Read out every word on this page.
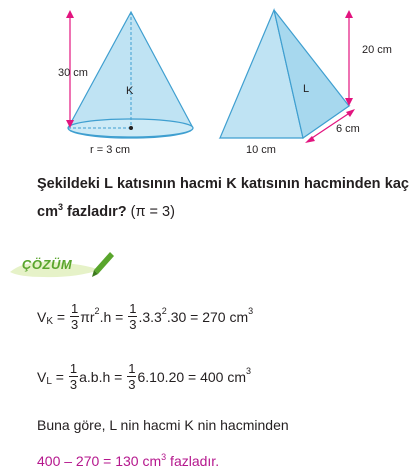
30 cm
K
r = 3 cm
20 cm
L
6 cm
10 cm
Şekildeki L katısının hacmi K katısının hacminden kaç $cm^3$ fazladır? (π = 3)
ÇÖZÜM
V $K = \frac{1}{3}$ πr 2 $.h = \frac{1}{3} .3.3$ 2 .30 = 270 cm 3
V $L = \frac{1}{3} a.b.h = \frac{1}{3} 6.10.20 = 400$ cm 3
Buna göre, L nin hacmi K nin hacminden
400 – 270 = 130 $cm^3$ fazladır.
